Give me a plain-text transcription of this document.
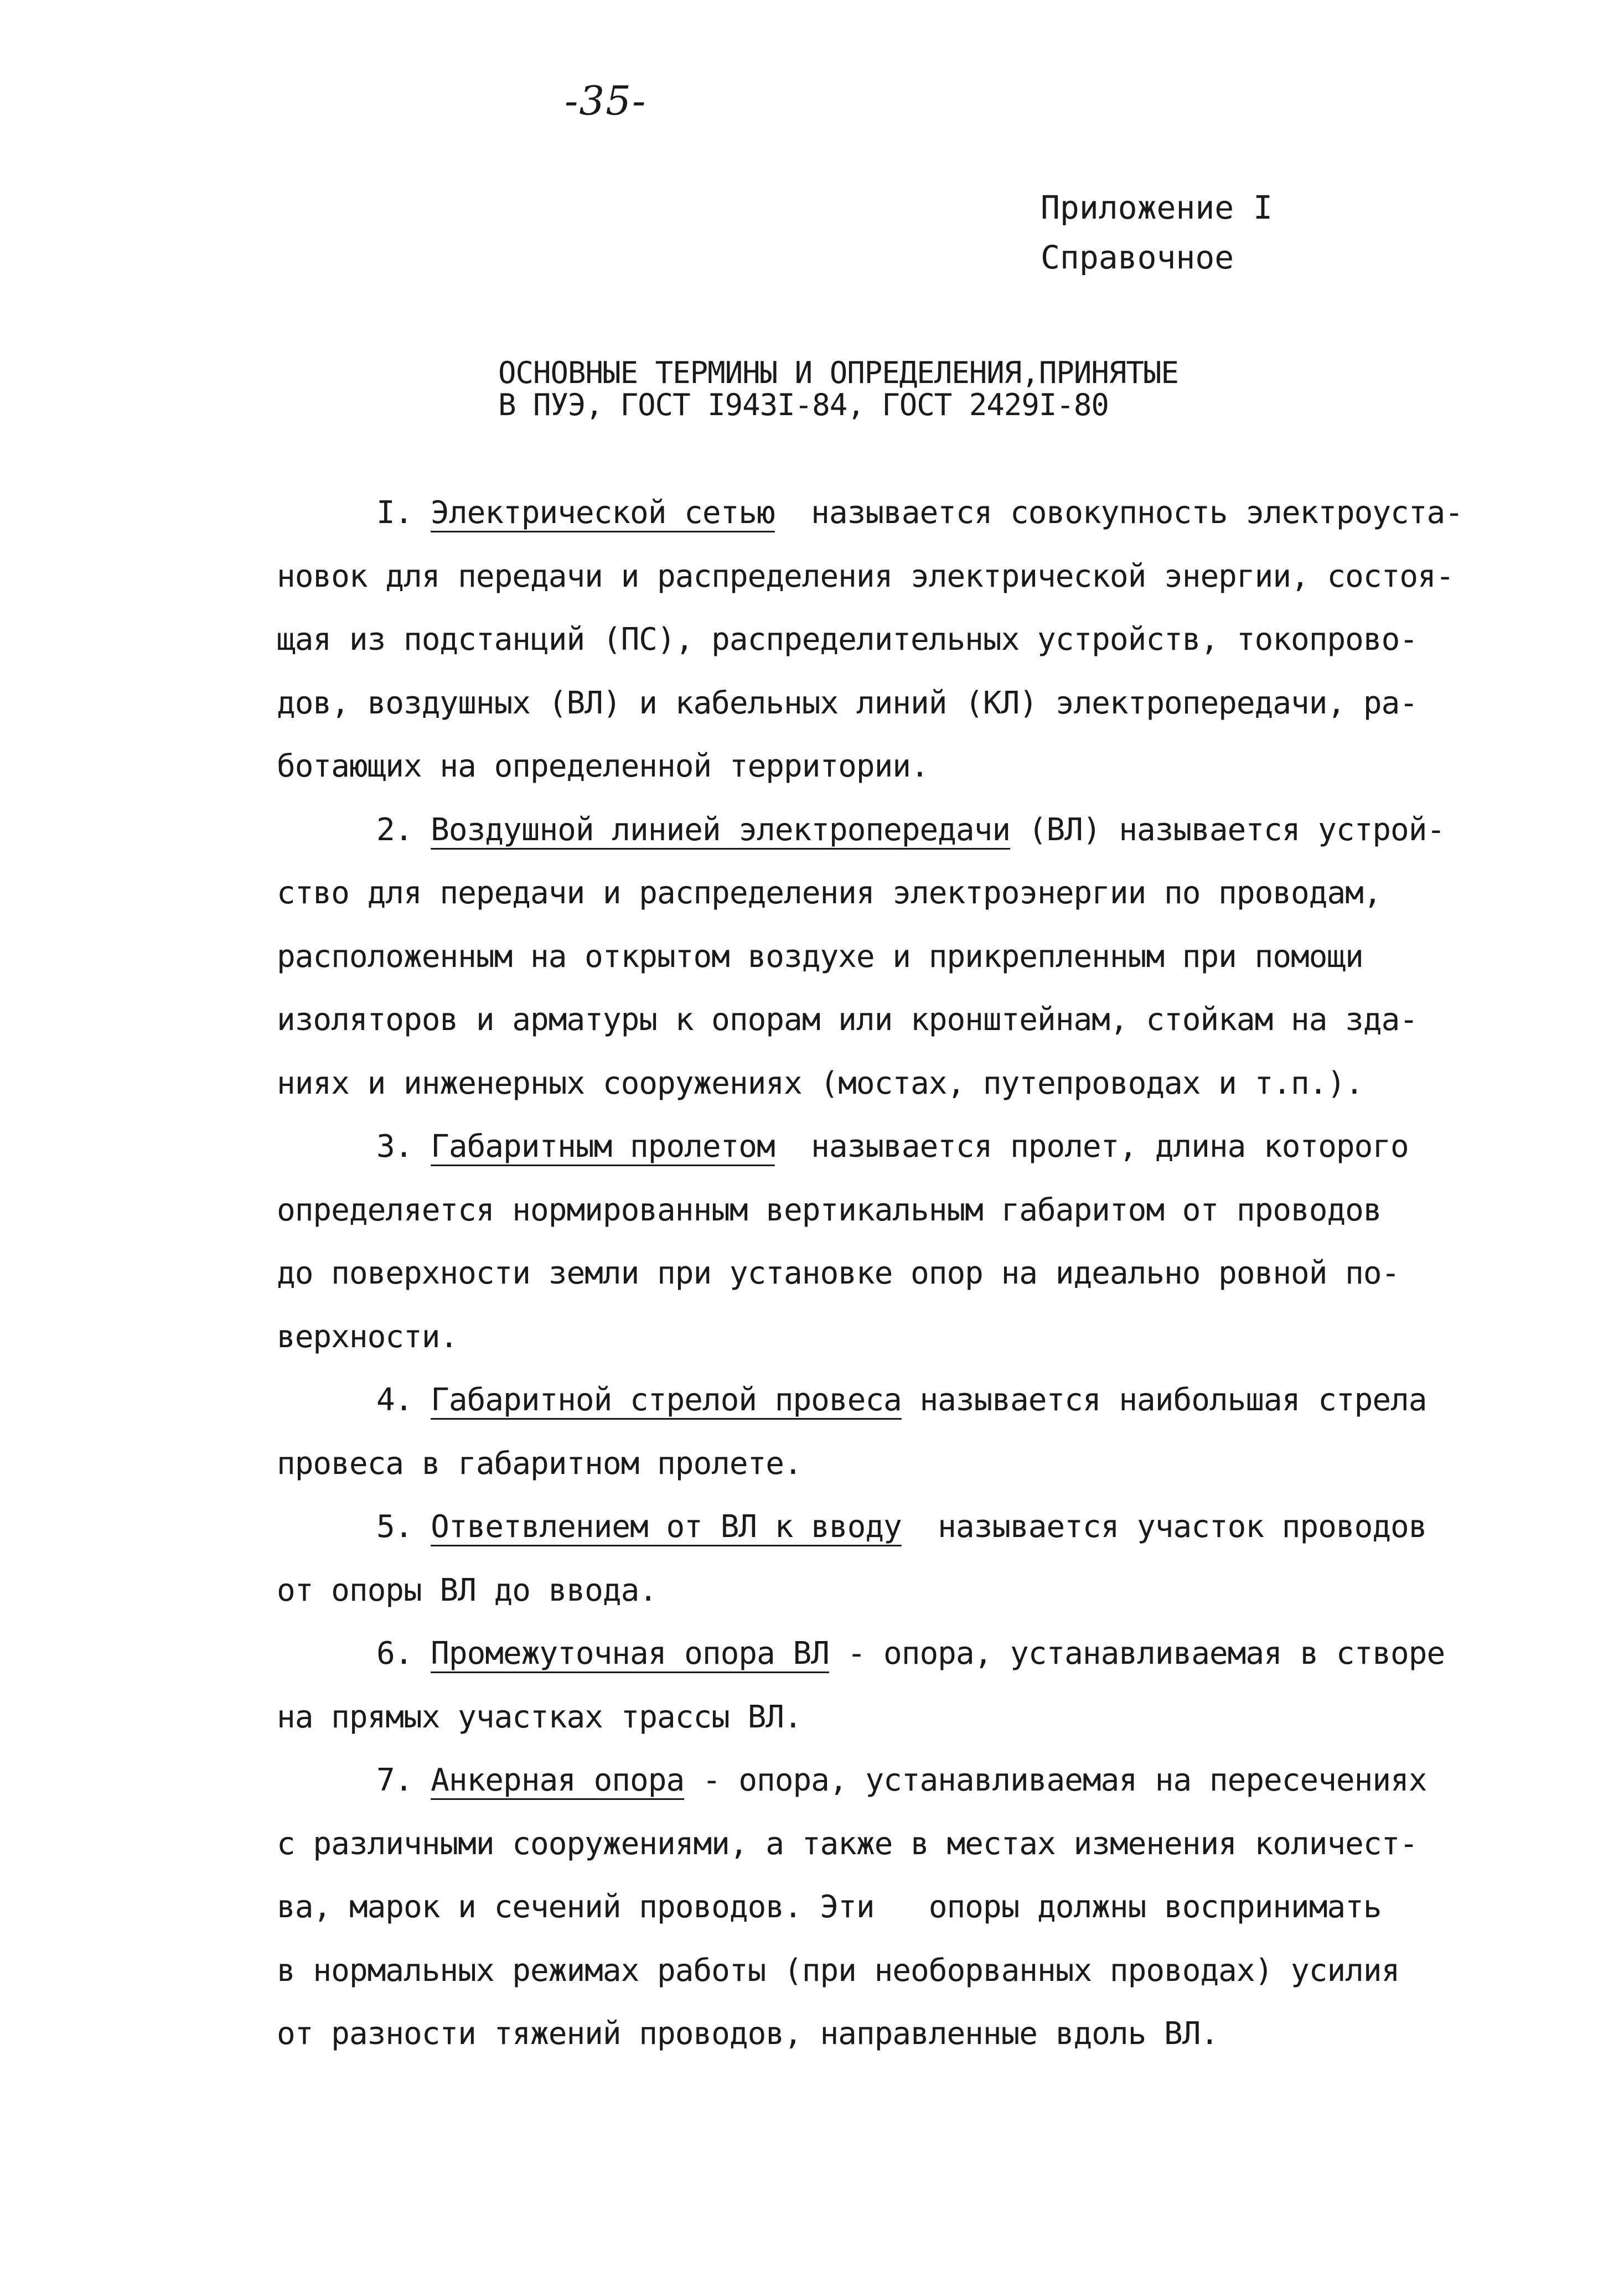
-35-
Приложение I
Справочное
ОСНОВНЫЕ ТЕРМИНЫ И ОПРЕДЕЛЕНИЯ,ПРИНЯТЫЕ
В ПУЭ, ГОСТ I943I-84, ГОСТ 2429I-80
I. Электрической сетью  называется совокупность электроуста-
новок для передачи и распределения электрической энергии, состоя-
щая из подстанций (ПС), распределительных устройств, токопрово-
дов, воздушных (ВЛ) и кабельных линий (КЛ) электропередачи, ра-
ботающих на определенной территории.
2. Воздушной линией электропередачи (ВЛ) называется устрой-
ство для передачи и распределения электроэнергии по проводам,
расположенным на открытом воздухе и прикрепленным при помощи
изоляторов и арматуры к опорам или кронштейнам, стойкам на зда-
ниях и инженерных сооружениях (мостах, путепроводах и т.п.).
3. Габаритным пролетом  называется пролет, длина которого
определяется нормированным вертикальным габаритом от проводов
до поверхности земли при установке опор на идеально ровной по-
верхности.
4. Габаритной стрелой провеса называется наибольшая стрела
провеса в габаритном пролете.
5. Ответвлением от ВЛ к вводу  называется участок проводов
от опоры ВЛ до ввода.
6. Промежуточная опора ВЛ - опора, устанавливаемая в створе
на прямых участках трассы ВЛ.
7. Анкерная опора - опора, устанавливаемая на пересечениях
с различными сооружениями, а также в местах изменения количест-
ва, марок и сечений проводов. Эти   опоры должны воспринимать
в нормальных режимах работы (при необорванных проводах) усилия
от разности тяжений проводов, направленные вдоль ВЛ.
